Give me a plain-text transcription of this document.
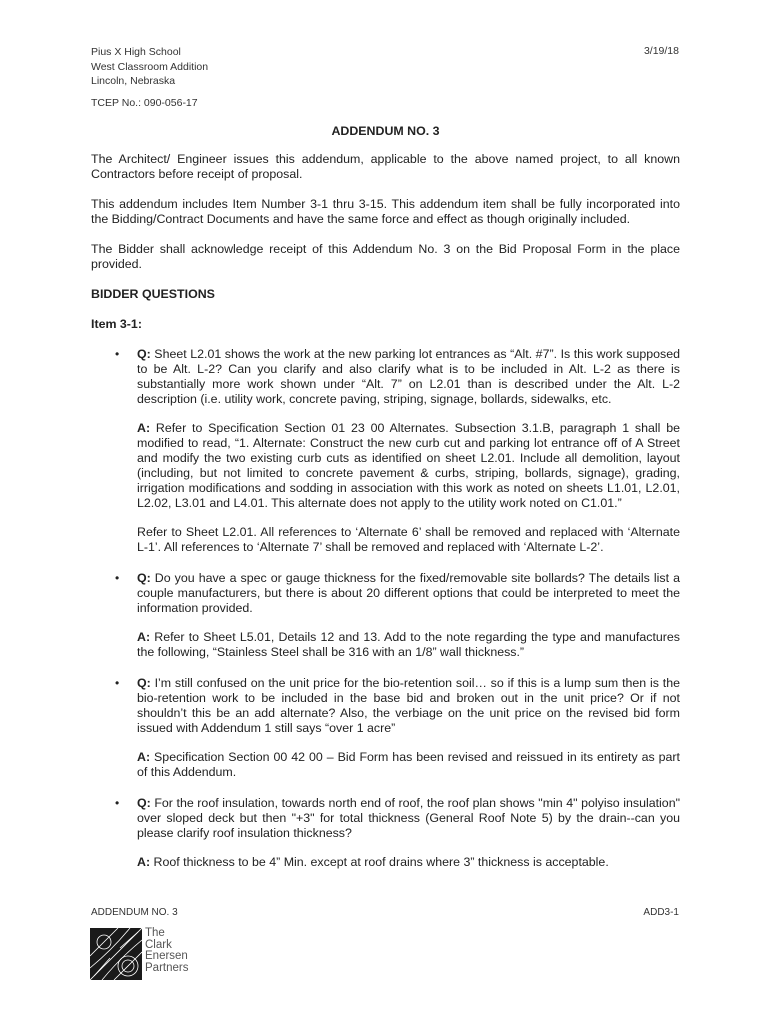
Pius X High School
West Classroom Addition
Lincoln, Nebraska
3/19/18
TCEP No.: 090-056-17
ADDENDUM NO. 3

The Architect/ Engineer issues this addendum, applicable to the above named project, to all known Contractors before receipt of proposal.

This addendum includes Item Number 3-1 thru 3-15. This addendum item shall be fully incorporated into the Bidding/Contract Documents and have the same force and effect as though originally included.

The Bidder shall acknowledge receipt of this Addendum No. 3 on the Bid Proposal Form in the place provided.

BIDDER QUESTIONS
Item 3-1:
• Q: Sheet L2.01 shows the work at the new parking lot entrances as “Alt. #7”. Is this work supposed to be Alt. L-2? Can you clarify and also clarify what is to be included in Alt. L-2 as there is substantially more work shown under “Alt. 7” on L2.01 than is described under the Alt. L-2 description (i.e. utility work, concrete paving, striping, signage, bollards, sidewalks, etc.

A: Refer to Specification Section 01 23 00 Alternates. Subsection 3.1.B, paragraph 1 shall be modified to read, “1. Alternate: Construct the new curb cut and parking lot entrance off of A Street and modify the two existing curb cuts as identified on sheet L2.01. Include all demolition, layout (including, but not limited to concrete pavement & curbs, striping, bollards, signage), grading, irrigation modifications and sodding in association with this work as noted on sheets L1.01, L2.01, L2.02, L3.01 and L4.01. This alternate does not apply to the utility work noted on C1.01.”

Refer to Sheet L2.01. All references to ‘Alternate 6’ shall be removed and replaced with ‘Alternate L-1’. All references to ‘Alternate 7’ shall be removed and replaced with ‘Alternate L-2’.

• Q: Do you have a spec or gauge thickness for the fixed/removable site bollards? The details list a couple manufacturers, but there is about 20 different options that could be interpreted to meet the information provided.

A: Refer to Sheet L5.01, Details 12 and 13. Add to the note regarding the type and manufactures the following, “Stainless Steel shall be 316 with an 1/8” wall thickness.”

• Q: I’m still confused on the unit price for the bio-retention soil… so if this is a lump sum then is the bio-retention work to be included in the base bid and broken out in the unit price? Or if not shouldn’t this be an add alternate? Also, the verbiage on the unit price on the revised bid form issued with Addendum 1 still says “over 1 acre”

A: Specification Section 00 42 00 – Bid Form has been revised and reissued in its entirety as part of this Addendum.

• Q: For the roof insulation, towards north end of roof, the roof plan shows "min 4" polyiso insulation" over sloped deck but then "+3" for total thickness (General Roof Note 5) by the drain--can you please clarify roof insulation thickness?

A: Roof thickness to be 4” Min. except at roof drains where 3” thickness is acceptable.

ADDENDUM NO. 3	ADD3-1
The
Clark
Enersen
Partners
